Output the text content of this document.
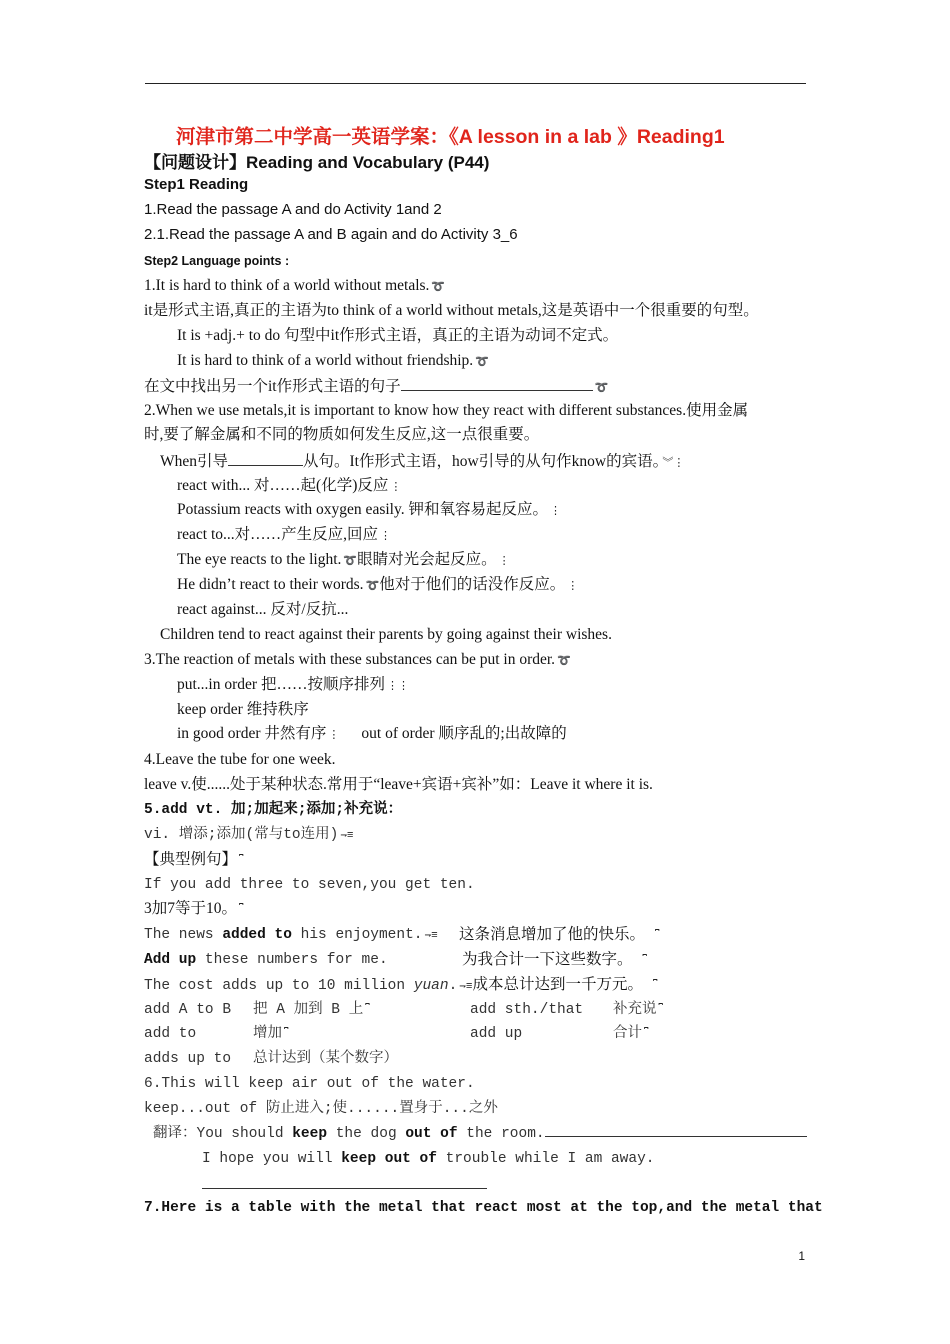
河津市第二中学高一英语学案：《A lesson in a lab 》Reading1
【问题设计】Reading and Vocabulary (P44)
Step1 Reading
1.Read the passage A and do Activity 1and 2
2.1.Read the passage A and B again and do Activity 3_6
Step2 Language points :
1.It is hard to think of a world without metals. ➰
it是形式主语,真正的主语为to think of a world without metals,这是英语中一个很重要的句型。
It is +adj.+ to do 句型中it作形式主语，真正的主语为动词不定式。
It is hard to think of a world without friendship. ➰
在文中找出另一个it作形式主语的句子	➰
2.When we use metals,it is important to know how they react with different substances.使用金属
时,要了解金属和不同的物质如何发生反应,这一点很重要。
When引导	从句。It作形式主语，how引导的从句作know的宾语。 ︾⋮
react with... 对……起(化学)反应 ⋮
Potassium reacts with oxygen easily. 钾和氧容易起反应。 ⋮
react to...对……产生反应,回应 ⋮
The eye reacts to the light. ➰眼睛对光会起反应。 ⋮
He didn’t react to their words. ➰他对于他们的话没作反应。 ⋮
react against... 反对/反抗...
Children tend to react against their parents by going against their wishes.
3.The reaction of metals with these substances can be put in order. ➰
put...in order 把……按顺序排列 ⋮⋮
keep order 维持秩序
in good order 井然有序 ⋮ out of order 顺序乱的;出故障的
4.Leave the tube for one week.
leave v.使......处于某种状态.常用于“leave+宾语+宾补”如：Leave it where it is.
5.add vt. 加;加起来;添加;补充说：
vi. 增添;添加(常与to连用) ⇁≡
【典型例句】 ⎴
If you add three to seven,you get ten.
3加7等于10。 ⎴
The news added to his enjoyment. ⇁≡ 这条消息增加了他的快乐。 ⎴
Add up these numbers for me.	为我合计一下这些数字。 ⎴
The cost adds up to 10 million yuan. ⇁≡成本总计达到一千万元。 ⎴
add A to B 把 A 加到 B 上 ⎴	add sth./that 补充说 ⎴
add to	增加 ⎴	add up	合计 ⎴
adds up to 总计达到（某个数字）
6.This will keep air out of the water.
keep...out of 防止进入;使......置身于...之外
翻译：You should keep the dog out of the room.
I hope you will keep out of trouble while I am away.
7.Here is a table with the metal that react most at the top,and the metal that
1
